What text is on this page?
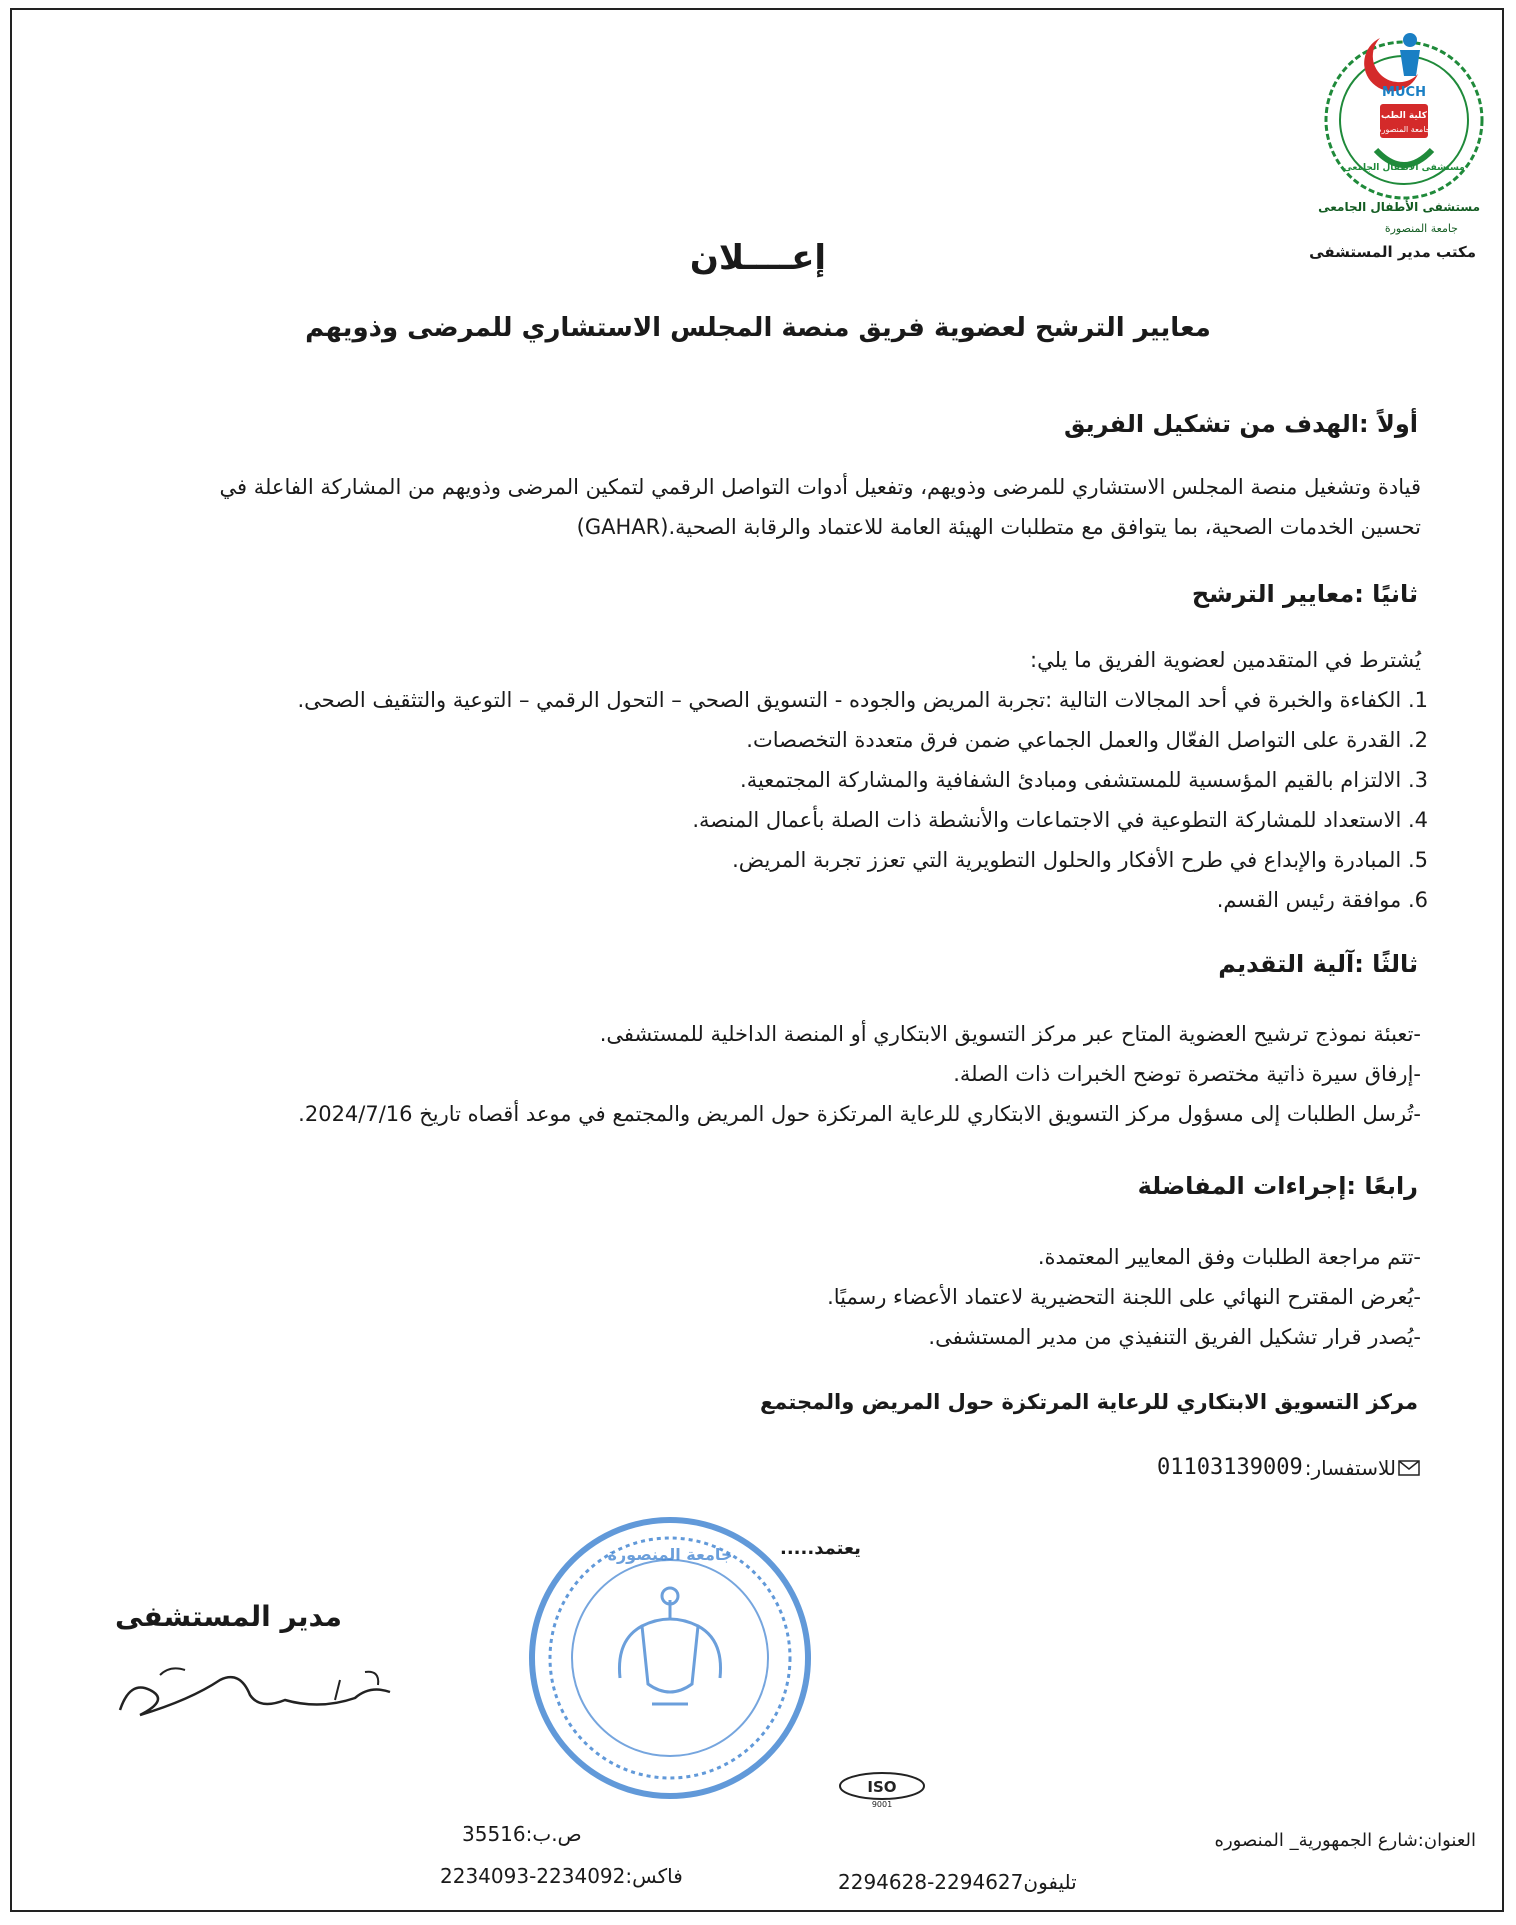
MUCH
كلية الطب
جامعة المنصورة
مستشفى الأطفال الجامعى
مستشفى الأطفال الجامعى
جامعة المنصورة
مكتب مدير المستشفى
إعــــلان
معايير الترشح لعضوية فريق منصة المجلس الاستشاري للمرضى وذويهم
أولاً :الهدف من تشكيل الفريق
قيادة وتشغيل منصة المجلس الاستشاري للمرضى وذويهم، وتفعيل أدوات التواصل الرقمي لتمكين المرضى وذويهم من المشاركة الفاعلة في
تحسين الخدمات الصحية، بما يتوافق مع متطلبات الهيئة العامة للاعتماد والرقابة الصحية.(GAHAR)
ثانيًا :معايير الترشح
يُشترط في المتقدمين لعضوية الفريق ما يلي:
1. الكفاءة والخبرة في أحد المجالات التالية :تجربة المريض والجوده - التسويق الصحي – التحول الرقمي – التوعية والتثقيف الصحى.
2. القدرة على التواصل الفعّال والعمل الجماعي ضمن فرق متعددة التخصصات.
3. الالتزام بالقيم المؤسسية للمستشفى ومبادئ الشفافية والمشاركة المجتمعية.
4. الاستعداد للمشاركة التطوعية في الاجتماعات والأنشطة ذات الصلة بأعمال المنصة.
5. المبادرة والإبداع في طرح الأفكار والحلول التطويرية التي تعزز تجربة المريض.
6. موافقة رئيس القسم.
ثالثًا :آلية التقديم
-تعبئة نموذج ترشيح العضوية المتاح عبر مركز التسويق الابتكاري أو المنصة الداخلية للمستشفى.
-إرفاق سيرة ذاتية مختصرة توضح الخبرات ذات الصلة.
-تُرسل الطلبات إلى مسؤول مركز التسويق الابتكاري للرعاية المرتكزة حول المريض والمجتمع في موعد أقصاه تاريخ 2024/7/16.
رابعًا :إجراءات المفاضلة
-تتم مراجعة الطلبات وفق المعايير المعتمدة.
-يُعرض المقترح النهائي على اللجنة التحضيرية لاعتماد الأعضاء رسميًا.
-يُصدر قرار تشكيل الفريق التنفيذي من مدير المستشفى.
مركز التسويق الابتكاري للرعاية المرتكزة حول المريض والمجتمع
01103139009 للاستفسار:
يعتمد.....
جامعة المنصورة
ISO
9001
مدير المستشفى
العنوان:شارع الجمهورية_ المنصوره
تليفون2294627-2294628
ص.ب:35516
فاكس:2234092-2234093
